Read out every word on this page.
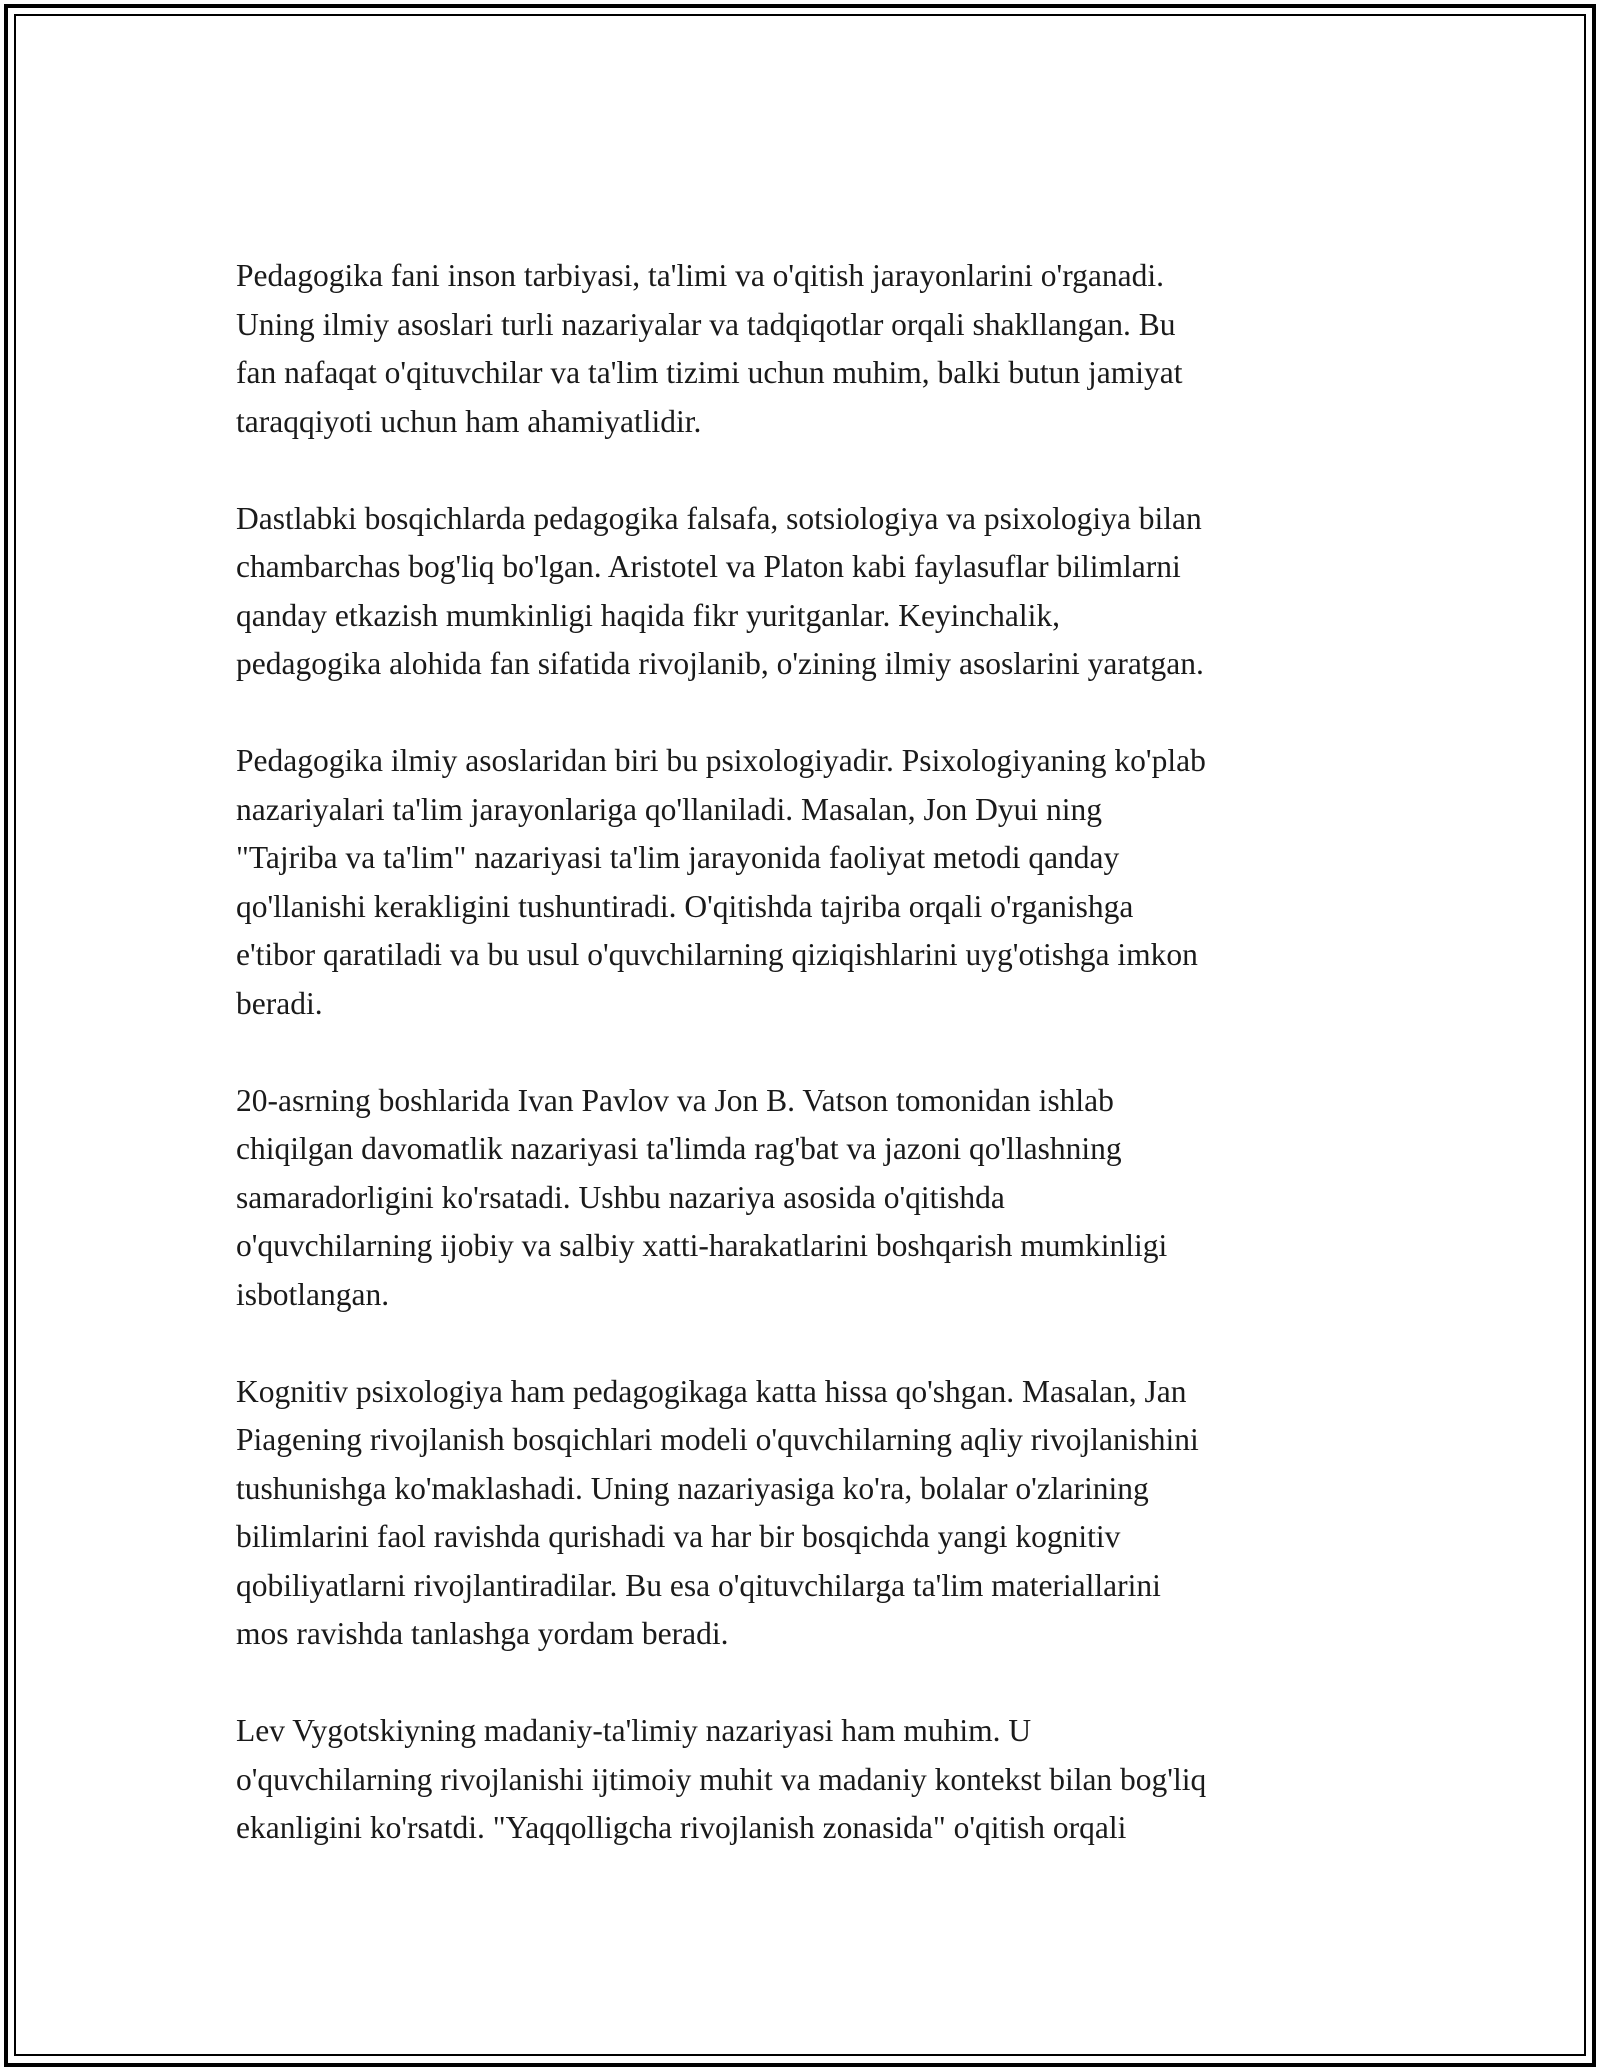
Pedagogika fani inson tarbiyasi, ta'limi va o'qitish jarayonlarini o'rganadi.
Uning ilmiy asoslari turli nazariyalar va tadqiqotlar orqali shakllangan. Bu
fan nafaqat o'qituvchilar va ta'lim tizimi uchun muhim, balki butun jamiyat
taraqqiyoti uchun ham ahamiyatlidir.

Dastlabki bosqichlarda pedagogika falsafa, sotsiologiya va psixologiya bilan
chambarchas bog'liq bo'lgan. Aristotel va Platon kabi faylasuflar bilimlarni
qanday etkazish mumkinligi haqida fikr yuritganlar. Keyinchalik,
pedagogika alohida fan sifatida rivojlanib, o'zining ilmiy asoslarini yaratgan.

Pedagogika ilmiy asoslaridan biri bu psixologiyadir. Psixologiyaning ko'plab
nazariyalari ta'lim jarayonlariga qo'llaniladi. Masalan, Jon Dyui ning
"Tajriba va ta'lim" nazariyasi ta'lim jarayonida faoliyat metodi qanday
qo'llanishi kerakligini tushuntiradi. O'qitishda tajriba orqali o'rganishga
e'tibor qaratiladi va bu usul o'quvchilarning qiziqishlarini uyg'otishga imkon
beradi.

20-asrning boshlarida Ivan Pavlov va Jon B. Vatson tomonidan ishlab
chiqilgan davomatlik nazariyasi ta'limda rag'bat va jazoni qo'llashning
samaradorligini ko'rsatadi. Ushbu nazariya asosida o'qitishda
o'quvchilarning ijobiy va salbiy xatti-harakatlarini boshqarish mumkinligi
isbotlangan.

Kognitiv psixologiya ham pedagogikaga katta hissa qo'shgan. Masalan, Jan
Piagening rivojlanish bosqichlari modeli o'quvchilarning aqliy rivojlanishini
tushunishga ko'maklashadi. Uning nazariyasiga ko'ra, bolalar o'zlarining
bilimlarini faol ravishda qurishadi va har bir bosqichda yangi kognitiv
qobiliyatlarni rivojlantiradilar. Bu esa o'qituvchilarga ta'lim materiallarini
mos ravishda tanlashga yordam beradi.

Lev Vygotskiyning madaniy-ta'limiy nazariyasi ham muhim. U
o'quvchilarning rivojlanishi ijtimoiy muhit va madaniy kontekst bilan bog'liq
ekanligini ko'rsatdi. "Yaqqolligcha rivojlanish zonasida" o'qitish orqali
